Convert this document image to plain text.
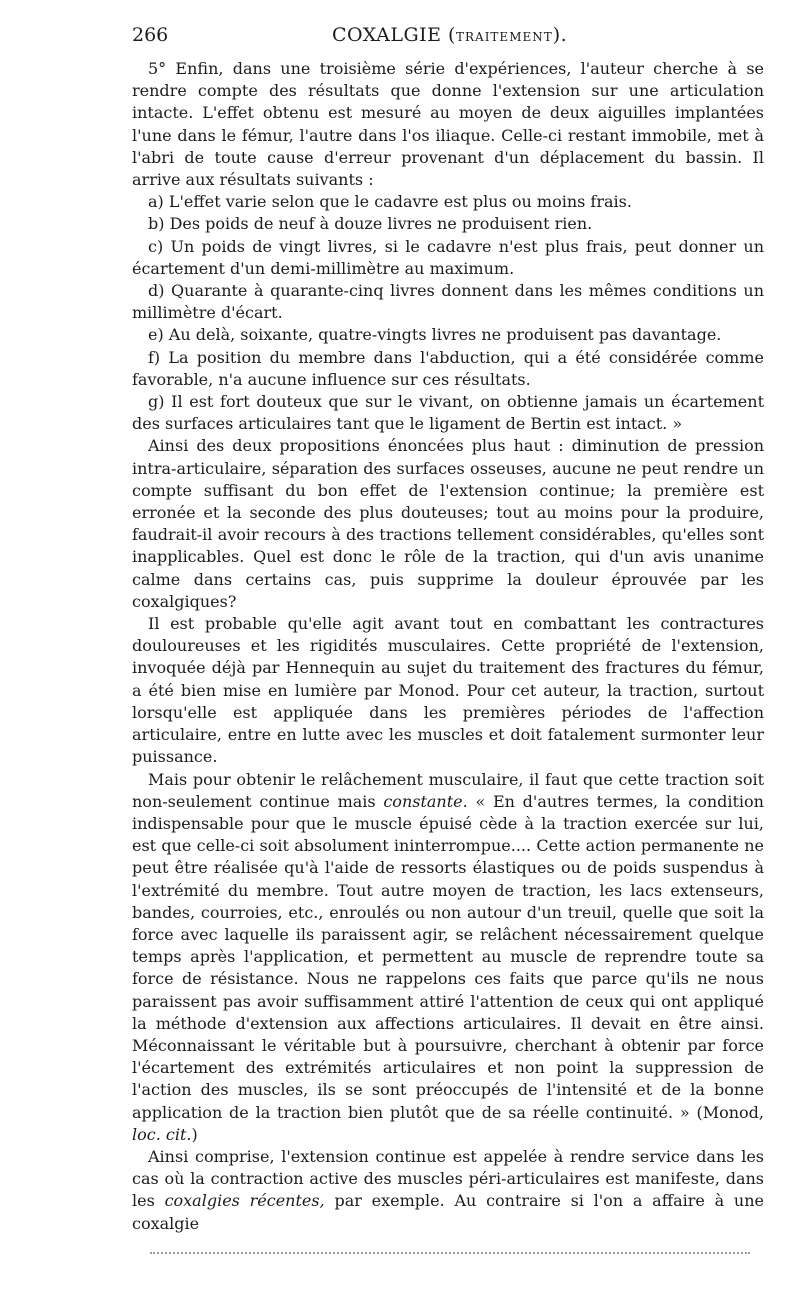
266	COXALGIE (TRAITEMENT).

5° Enfin, dans une troisième série d'expériences, l'auteur cherche à se rendre compte des résultats que donne l'extension sur une articulation intacte. L'effet obtenu est mesuré au moyen de deux aiguilles implantées l'une dans le fémur, l'autre dans l'os iliaque. Celle-ci restant immobile, met à l'abri de toute cause d'erreur provenant d'un déplacement du bassin. Il arrive aux résultats suivants :

a) L'effet varie selon que le cadavre est plus ou moins frais.

b) Des poids de neuf à douze livres ne produisent rien.

c) Un poids de vingt livres, si le cadavre n'est plus frais, peut donner un écartement d'un demi-millimètre au maximum.

d) Quarante à quarante-cinq livres donnent dans les mêmes conditions un millimètre d'écart.

e) Au delà, soixante, quatre-vingts livres ne produisent pas davantage.

f) La position du membre dans l'abduction, qui a été considérée comme favorable, n'a aucune influence sur ces résultats.

g) Il est fort douteux que sur le vivant, on obtienne jamais un écartement des surfaces articulaires tant que le ligament de Bertin est intact. »

Ainsi des deux propositions énoncées plus haut : diminution de pression intra-articulaire, séparation des surfaces osseuses, aucune ne peut rendre un compte suffisant du bon effet de l'extension continue; la première est erronée et la seconde des plus douteuses; tout au moins pour la produire, faudrait-il avoir recours à des tractions tellement considérables, qu'elles sont inapplicables. Quel est donc le rôle de la traction, qui d'un avis unanime calme dans certains cas, puis supprime la douleur éprouvée par les coxalgiques?

Il est probable qu'elle agit avant tout en combattant les contractures douloureuses et les rigidités musculaires. Cette propriété de l'extension, invoquée déjà par Hennequin au sujet du traitement des fractures du fémur, a été bien mise en lumière par Monod. Pour cet auteur, la traction, surtout lorsqu'elle est appliquée dans les premières périodes de l'affection articulaire, entre en lutte avec les muscles et doit fatalement surmonter leur puissance.

Mais pour obtenir le relâchement musculaire, il faut que cette traction soit non-seulement continue mais constante. « En d'autres termes, la condition indispensable pour que le muscle épuisé cède à la traction exercée sur lui, est que celle-ci soit absolument ininterrompue.... Cette action permanente ne peut être réalisée qu'à l'aide de ressorts élastiques ou de poids suspendus à l'extrémité du membre. Tout autre moyen de traction, les lacs extenseurs, bandes, courroies, etc., enroulés ou non autour d'un treuil, quelle que soit la force avec laquelle ils paraissent agir, se relâchent nécessairement quelque temps après l'application, et permettent au muscle de reprendre toute sa force de résistance. Nous ne rappelons ces faits que parce qu'ils ne nous paraissent pas avoir suffisamment attiré l'attention de ceux qui ont appliqué la méthode d'extension aux affections articulaires. Il devait en être ainsi. Méconnaissant le véritable but à poursuivre, cherchant à obtenir par force l'écartement des extrémités articulaires et non point la suppression de l'action des muscles, ils se sont préoccupés de l'intensité et de la bonne application de la traction bien plutôt que de sa réelle continuité. » (Monod, loc. cit.)

Ainsi comprise, l'extension continue est appelée à rendre service dans les cas où la contraction active des muscles péri-articulaires est manifeste, dans les coxalgies récentes, par exemple. Au contraire si l'on a affaire à une coxalgie
